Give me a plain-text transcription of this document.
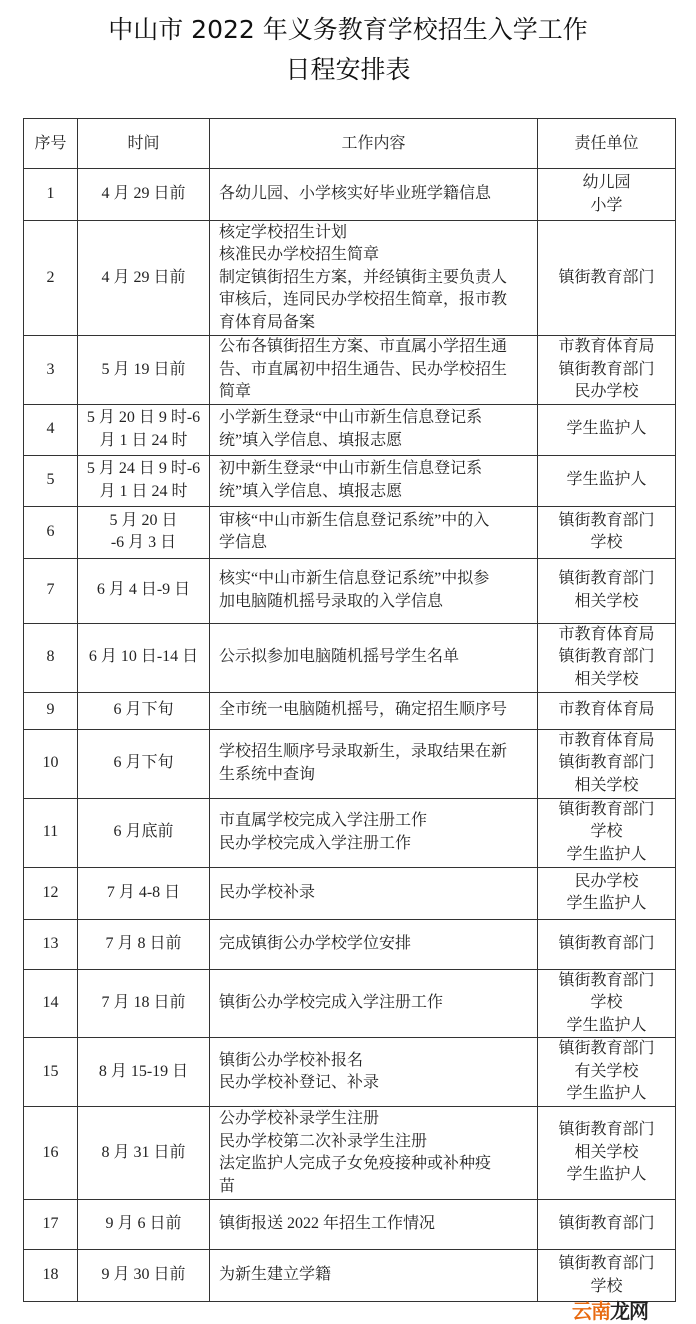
中山市 2022 年义务教育学校招生入学工作
日程安排表
序号	时间	工作内容	责任单位
1	4 月 29 日前	各幼儿园、小学核实好毕业班学籍信息	幼儿园
小学

2	4 月 29 日前	核定学校招生计划
核准民办学校招生简章
制定镇街招生方案，并经镇街主要负责人
审核后，连同民办学校招生简章，报市教
育体育局备案	镇街教育部门

3	5 月 19 日前	公布各镇街招生方案、市直属小学招生通
告、市直属初中招生通告、民办学校招生
简章	市教育体育局
镇街教育部门
民办学校

4	5 月 20 日 9 时-6
月 1 日 24 时	小学新生登录“中山市新生信息登记系
统”填入学信息、填报志愿	学生监护人

5	5 月 24 日 9 时-6
月 1 日 24 时	初中新生登录“中山市新生信息登记系
统”填入学信息、填报志愿	学生监护人

6	5 月 20 日
-6 月 3 日	审核“中山市新生信息登记系统”中的入
学信息	镇街教育部门
学校

7	6 月 4 日-9 日	核实“中山市新生信息登记系统”中拟参
加电脑随机摇号录取的入学信息	镇街教育部门
相关学校

8	6 月 10 日-14 日	公示拟参加电脑随机摇号学生名单	市教育体育局
镇街教育部门
相关学校

9	6 月下旬	全市统一电脑随机摇号，确定招生顺序号	市教育体育局

10	6 月下旬	学校招生顺序号录取新生，录取结果在新
生系统中查询	市教育体育局
镇街教育部门
相关学校

11	6 月底前	市直属学校完成入学注册工作
民办学校完成入学注册工作	镇街教育部门
学校
学生监护人

12	7 月 4-8 日	民办学校补录	民办学校
学生监护人

13	7 月 8 日前	完成镇街公办学校学位安排	镇街教育部门

14	7 月 18 日前	镇街公办学校完成入学注册工作	镇街教育部门
学校
学生监护人

15	8 月 15-19 日	镇街公办学校补报名
民办学校补登记、补录	镇街教育部门
有关学校
学生监护人

16	8 月 31 日前	公办学校补录学生注册
民办学校第二次补录学生注册
法定监护人完成子女免疫接种或补种疫
苗	镇街教育部门
相关学校
学生监护人

17	9 月 6 日前	镇街报送 2022 年招生工作情况	镇街教育部门

18	9 月 30 日前	为新生建立学籍	镇街教育部门
学校
云南龙网
